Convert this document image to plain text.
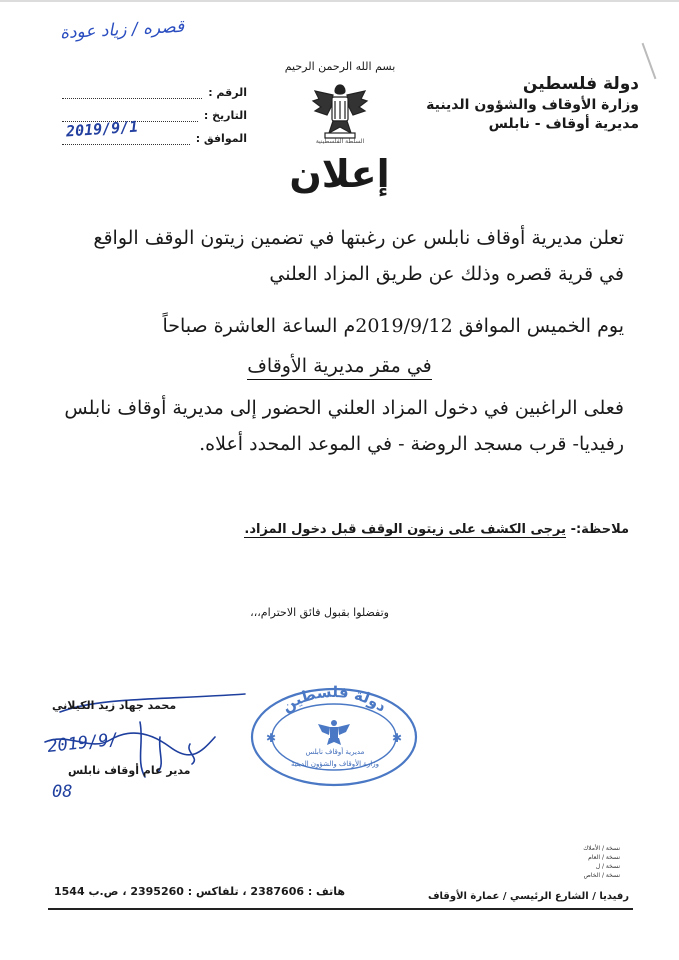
قصره / زياد عودة
دولة فلسطين
وزارة الأوقاف والشؤون الدينية
مديرية أوقاف - نابلس
بسم الله الرحمن الرحيم
السلطة الفلسطينية
الرقم :
التاريخ :
الموافق :
2019/9/1
إعلان
تعلن مديرية أوقاف نابلس عن رغبتها في تضمين زيتون الوقف الواقع في قرية قصره وذلك عن طريق المزاد العلني
يوم الخميس الموافق 2019/9/12م الساعة العاشرة صباحاً
في مقر مديرية الأوقاف
فعلى الراغبين في دخول المزاد العلني الحضور إلى مديرية أوقاف نابلس رفيديا- قرب مسجد الروضة - في الموعد المحدد أعلاه.
ملاحظة:- يرجى الكشف على زيتون الوقف قبل دخول المزاد.
وتفضلوا بقبول فائق الاحترام،،،
2019/9/
08
محمد جهاد زيد الكيلاني
مدير عام أوقاف نابلس
دولة فلسطين
✱	✱
مديرية أوقاف نابلس
وزارة الأوقاف والشؤون الدينية
نسخة / الأملاك
نسخة / العام
نسخة / ل
نسخة / الخاص
هاتف : 2387606 ، تلفاكس : 2395260 ، ص.ب 1544	رفيديا / الشارع الرئيسي / عمارة الأوقاف
